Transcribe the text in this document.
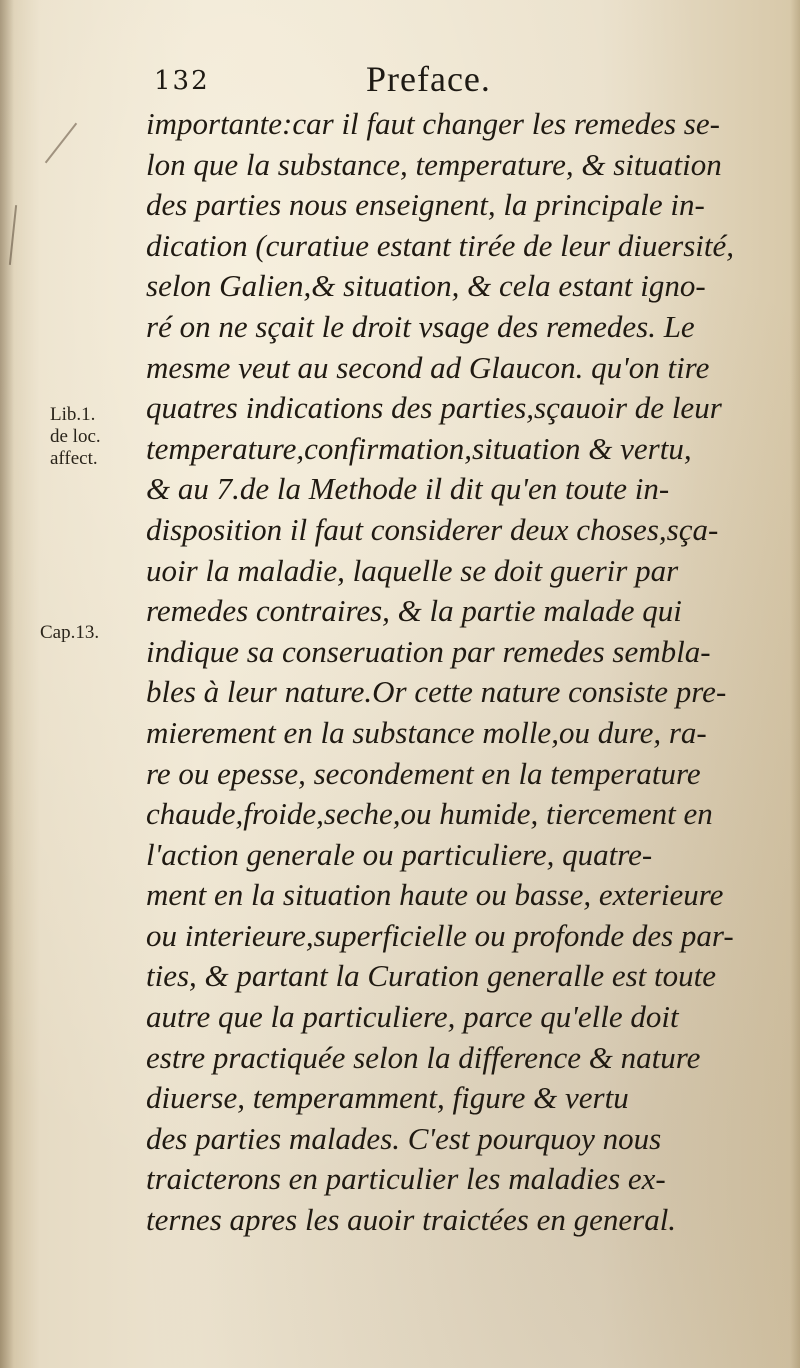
132	Preface.
Lib.1.
de loc.
affect.
Cap.13.
importante:car il faut changer les remedes se-
lon que la substance, temperature, & situation
des parties nous enseignent, la principale in-
dication (curatiue estant tirée de leur diuersité,
selon Galien,& situation, & cela estant igno-
ré on ne sçait le droit vsage des remedes. Le
mesme veut au second ad Glaucon. qu'on tire
quatres indications des parties,sçauoir de leur
temperature,confirmation,situation & vertu,
& au 7.de la Methode il dit qu'en toute in-
disposition il faut considerer deux choses,sça-
uoir la maladie, laquelle se doit guerir par
remedes contraires, & la partie malade qui
indique sa conseruation par remedes sembla-
bles à leur nature.Or cette nature consiste pre-
mierement en la substance molle,ou dure, ra-
re ou epesse, secondement en la temperature
chaude,froide,seche,ou humide, tiercement en
l'action generale ou particuliere, quatre-
ment en la situation haute ou basse, exterieure
ou interieure,superficielle ou profonde des par-
ties, & partant la Curation generalle est toute
autre que la particuliere, parce qu'elle doit
estre practiquée selon la difference & nature
diuerse, temperamment, figure & vertu
des parties malades. C'est pourquoy nous
traicterons en particulier les maladies ex-
ternes apres les auoir traictées en general.
